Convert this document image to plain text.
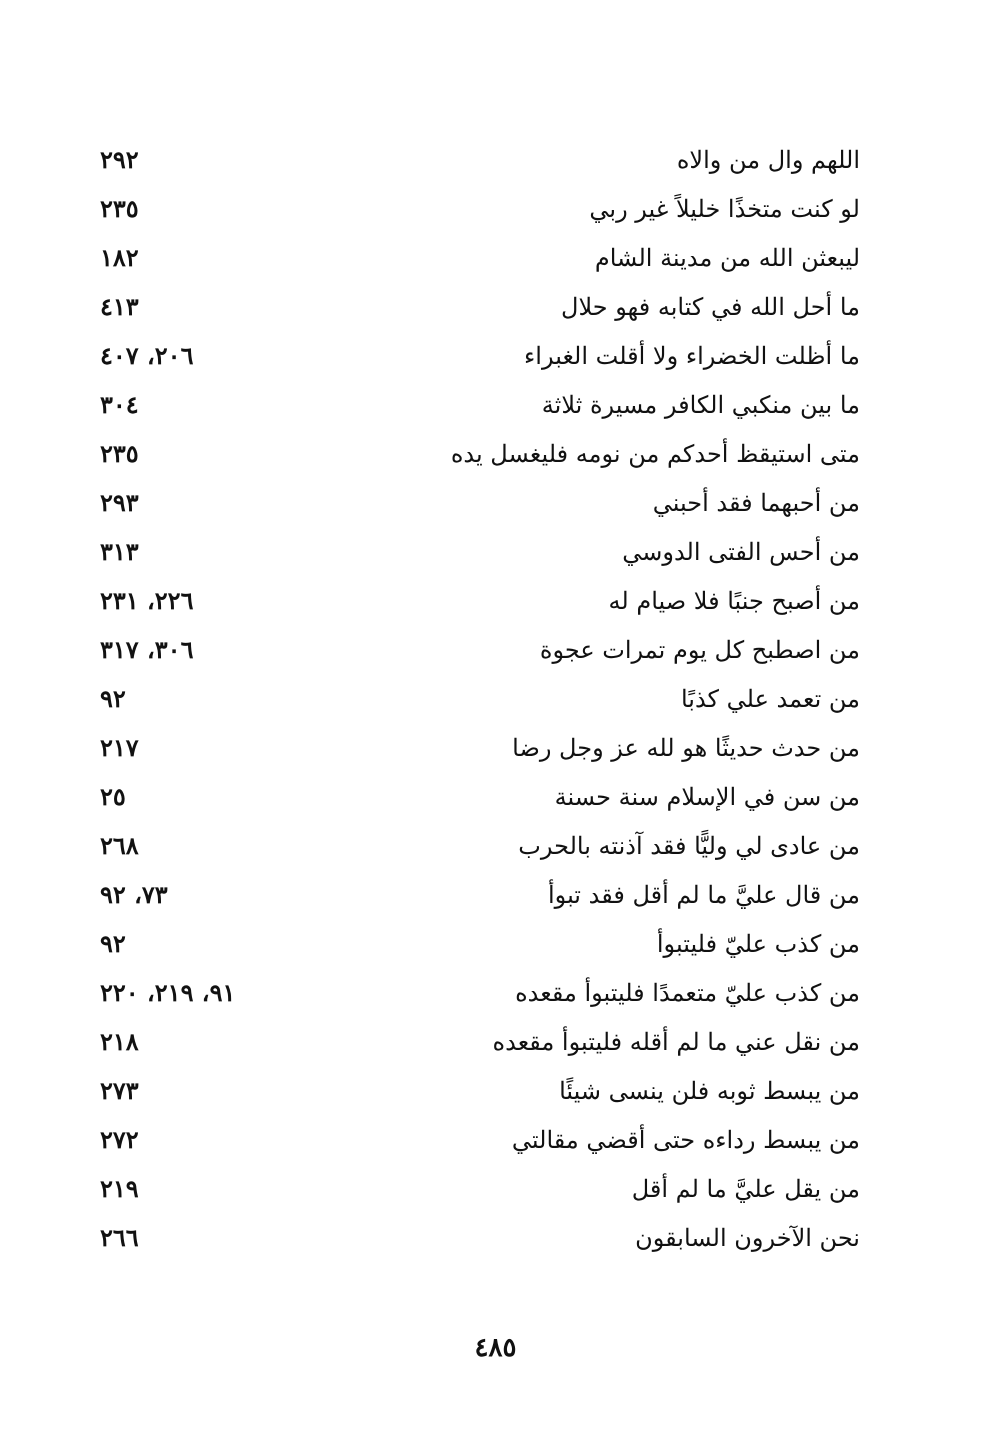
اللهم وال من والاه
٢٩٢
لو كنت متخذًا خليلاً غير ربي
٢٣٥
ليبعثن الله من مدينة الشام
١٨٢
ما أحل الله في كتابه فهو حلال
٤١٣
ما أظلت الخضراء ولا أقلت الغبراء
٢٠٦، ٤٠٧
ما بين منكبي الكافر مسيرة ثلاثة
٣٠٤
متى استيقظ أحدكم من نومه فليغسل يده
٢٣٥
من أحبهما فقد أحبني
٢٩٣
من أحس الفتى الدوسي
٣١٣
من أصبح جنبًا فلا صيام له
٢٢٦، ٢٣١
من اصطبح كل يوم تمرات عجوة
٣٠٦، ٣١٧
من تعمد علي كذبًا
٩٢
من حدث حديثًا هو لله عز وجل رضا
٢١٧
من سن في الإسلام سنة حسنة
٢٥
من عادى لي وليًّا فقد آذنته بالحرب
٢٦٨
من قال عليَّ ما لم أقل فقد تبوأ
٧٣، ٩٢
من كذب عليّ فليتبوأ
٩٢
من كذب عليّ متعمدًا فليتبوأ مقعده
٩١، ٢١٩، ٢٢٠
من نقل عني ما لم أقله فليتبوأ مقعده
٢١٨
من يبسط ثوبه فلن ينسى شيئًا
٢٧٣
من يبسط رداءه حتى أقضي مقالتي
٢٧٢
من يقل عليَّ ما لم أقل
٢١٩
نحن الآخرون السابقون
٢٦٦
٤٨٥
